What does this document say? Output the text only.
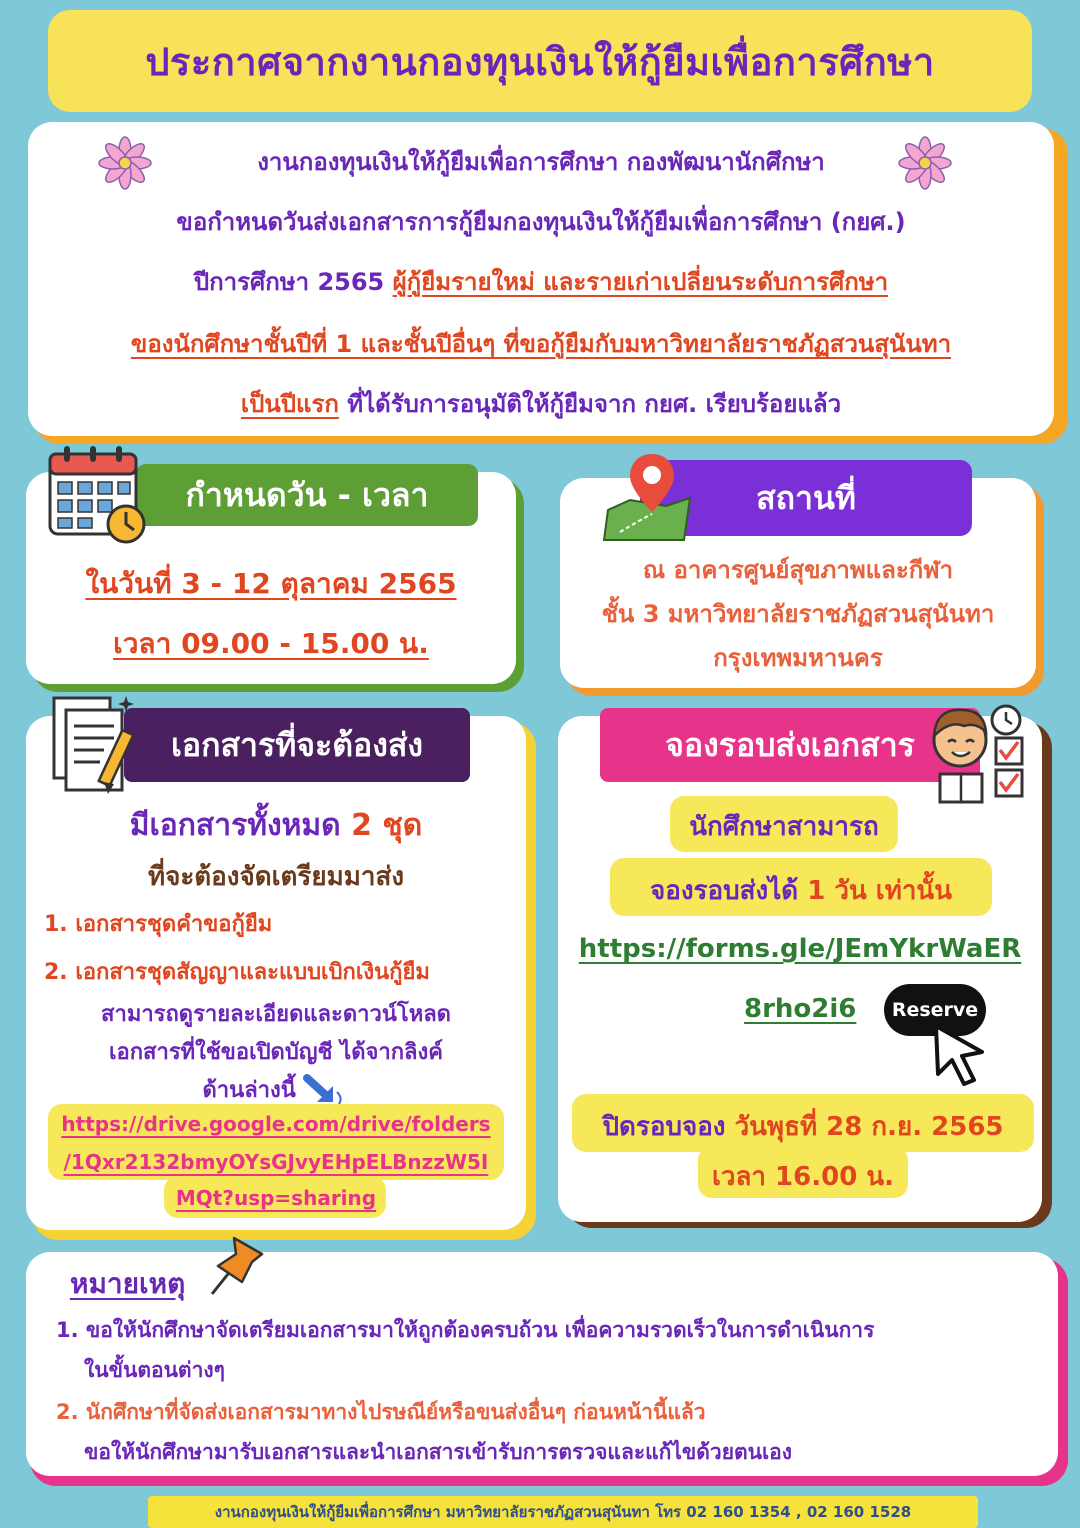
ประกาศจากงานกองทุนเงินให้กู้ยืมเพื่อการศึกษา
งานกองทุนเงินให้กู้ยืมเพื่อการศึกษา กองพัฒนานักศึกษา
ขอกำหนดวันส่งเอกสารการกู้ยืมกองทุนเงินให้กู้ยืมเพื่อการศึกษา (กยศ.)
ปีการศึกษา 2565 ผู้กู้ยืมรายใหม่ และรายเก่าเปลี่ยนระดับการศึกษา
ของนักศึกษาชั้นปีที่ 1 และชั้นปีอื่นๆ ที่ขอกู้ยืมกับมหาวิทยาลัยราชภัฏสวนสุนันทา
เป็นปีแรก ที่ได้รับการอนุมัติให้กู้ยืมจาก กยศ. เรียบร้อยแล้ว
กำหนดวัน - เวลา
ในวันที่ 3 - 12 ตุลาคม 2565
เวลา 09.00 - 15.00 น.
สถานที่
ณ อาคารศูนย์สุขภาพและกีฬา
ชั้น 3 มหาวิทยาลัยราชภัฏสวนสุนันทา
กรุงเทพมหานคร
เอกสารที่จะต้องส่ง
มีเอกสารทั้งหมด 2 ชุด
ที่จะต้องจัดเตรียมมาส่ง
1. เอกสารชุดคำขอกู้ยืม
2. เอกสารชุดสัญญาและแบบเบิกเงินกู้ยืม
สามารถดูรายละเอียดและดาวน์โหลด
เอกสารที่ใช้ขอเปิดบัญชี ได้จากลิงค์
ด้านล่างนี้
https://drive.google.com/drive/folders
/1Qxr2132bmyOYsGJvyEHpELBnzzW5I
MQt?usp=sharing
จองรอบส่งเอกสาร
นักศึกษาสามารถ
จองรอบส่งได้ 1 วัน เท่านั้น
https://forms.gle/JEmYkrWaER
8rho2i6	Reserve
ปิดรอบจอง วันพุธที่ 28 ก.ย. 2565
เวลา 16.00 น.
หมายเหตุ
1. ขอให้นักศึกษาจัดเตรียมเอกสารมาให้ถูกต้องครบถ้วน เพื่อความรวดเร็วในการดำเนินการ
ในขั้นตอนต่างๆ
2. นักศึกษาที่จัดส่งเอกสารมาทางไปรษณีย์หรือขนส่งอื่นๆ ก่อนหน้านี้แล้ว
ขอให้นักศึกษามารับเอกสารและนำเอกสารเข้ารับการตรวจและแก้ไขด้วยตนเอง
งานกองทุนเงินให้กู้ยืมเพื่อการศึกษา มหาวิทยาลัยราชภัฏสวนสุนันทา โทร 02 160 1354 , 02 160 1528
